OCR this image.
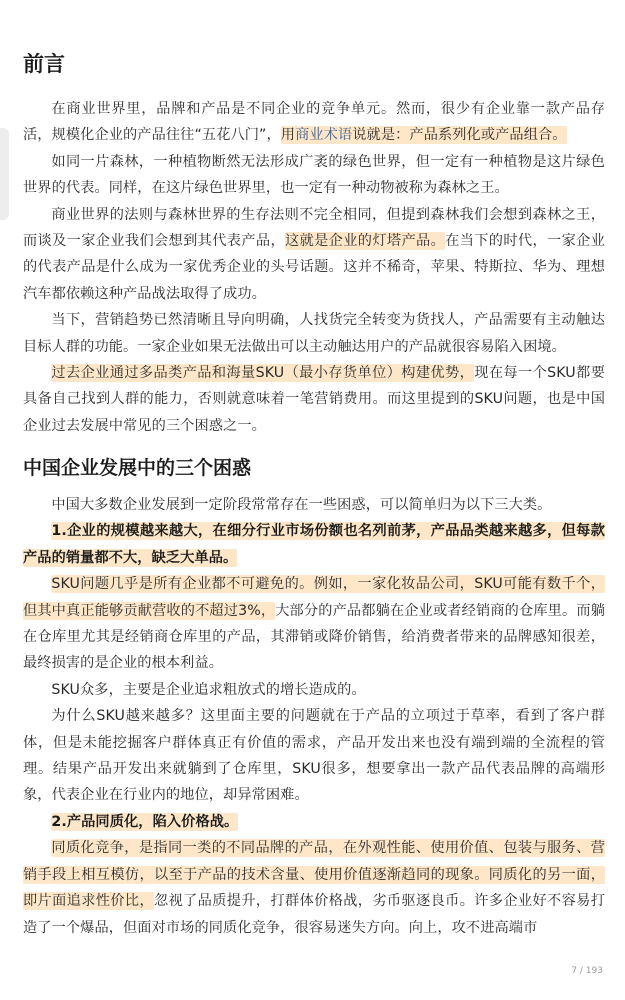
前言

在商业世界里，品牌和产品是不同企业的竞争单元。然而，很少有企业靠一款产品存活，规模化企业的产品往往“五花八门”，用商业术语说就是：产品系列化或产品组合。

如同一片森林，一种植物断然无法形成广袤的绿色世界，但一定有一种植物是这片绿色世界的代表。同样，在这片绿色世界里，也一定有一种动物被称为森林之王。

商业世界的法则与森林世界的生存法则不完全相同，但提到森林我们会想到森林之王，而谈及一家企业我们会想到其代表产品，这就是企业的灯塔产品。在当下的时代，一家企业的代表产品是什么成为一家优秀企业的头号话题。这并不稀奇，苹果、特斯拉、华为、理想汽车都依赖这种产品战法取得了成功。

当下，营销趋势已然清晰且导向明确，人找货完全转变为货找人，产品需要有主动触达目标人群的功能。一家企业如果无法做出可以主动触达用户的产品就很容易陷入困境。

过去企业通过多品类产品和海量SKU（最小存货单位）构建优势，现在每一个SKU都要具备自己找到人群的能力，否则就意味着一笔营销费用。而这里提到的SKU问题，也是中国企业过去发展中常见的三个困惑之一。

中国企业发展中的三个困惑

中国大多数企业发展到一定阶段常常存在一些困惑，可以简单归为以下三大类。

1.企业的规模越来越大，在细分行业市场份额也名列前茅，产品品类越来越多，但每款产品的销量都不大，缺乏大单品。

SKU问题几乎是所有企业都不可避免的。例如，一家化妆品公司，SKU可能有数千个，但其中真正能够贡献营收的不超过3%，大部分的产品都躺在企业或者经销商的仓库里。而躺在仓库里尤其是经销商仓库里的产品，其滞销或降价销售，给消费者带来的品牌感知很差，最终损害的是企业的根本利益。

SKU众多，主要是企业追求粗放式的增长造成的。

为什么SKU越来越多？这里面主要的问题就在于产品的立项过于草率，看到了客户群体，但是未能挖掘客户群体真正有价值的需求，产品开发出来也没有端到端的全流程的管理。结果产品开发出来就躺到了仓库里，SKU很多，想要拿出一款产品代表品牌的高端形象，代表企业在行业内的地位，却异常困难。

2.产品同质化，陷入价格战。

同质化竞争，是指同一类的不同品牌的产品，在外观性能、使用价值、包装与服务、营销手段上相互模仿，以至于产品的技术含量、使用价值逐渐趋同的现象。同质化的另一面，即片面追求性价比，忽视了品质提升，打群体价格战，劣币驱逐良币。许多企业好不容易打造了一个爆品，但面对市场的同质化竞争，很容易迷失方向。向上，攻不进高端市

7 / 193
